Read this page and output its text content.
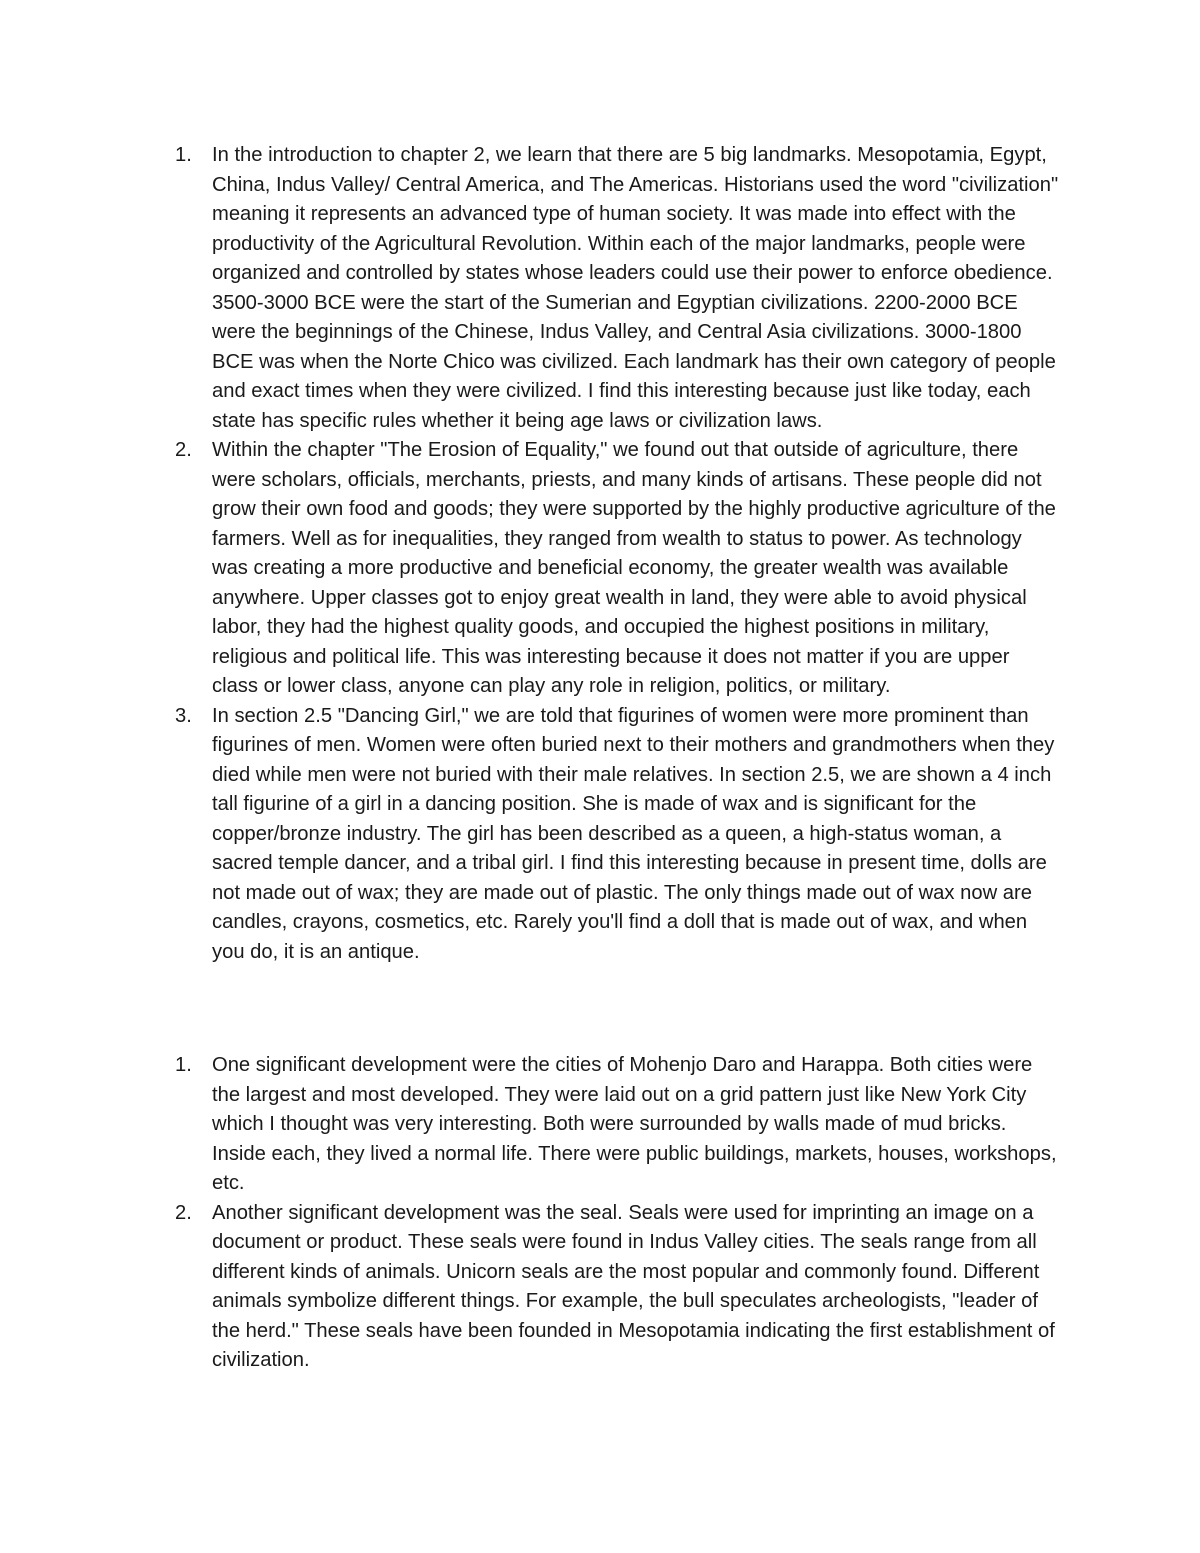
1. In the introduction to chapter 2, we learn that there are 5 big landmarks. Mesopotamia, Egypt, China, Indus Valley/ Central America, and The Americas. Historians used the word "civilization" meaning it represents an advanced type of human society. It was made into effect with the productivity of the Agricultural Revolution. Within each of the major landmarks, people were organized and controlled by states whose leaders could use their power to enforce obedience. 3500-3000 BCE were the start of the Sumerian and Egyptian civilizations. 2200-2000 BCE were the beginnings of the Chinese, Indus Valley, and Central Asia civilizations. 3000-1800 BCE was when the Norte Chico was civilized. Each landmark has their own category of people and exact times when they were civilized. I find this interesting because just like today, each state has specific rules whether it being age laws or civilization laws.
2. Within the chapter "The Erosion of Equality," we found out that outside of agriculture, there were scholars, officials, merchants, priests, and many kinds of artisans. These people did not grow their own food and goods; they were supported by the highly productive agriculture of the farmers. Well as for inequalities, they ranged from wealth to status to power. As technology was creating a more productive and beneficial economy, the greater wealth was available anywhere. Upper classes got to enjoy great wealth in land, they were able to avoid physical labor, they had the highest quality goods, and occupied the highest positions in military, religious and political life. This was interesting because it does not matter if you are upper class or lower class, anyone can play any role in religion, politics, or military.
3. In section 2.5 "Dancing Girl," we are told that figurines of women were more prominent than figurines of men. Women were often buried next to their mothers and grandmothers when they died while men were not buried with their male relatives. In section 2.5, we are shown a 4 inch tall figurine of a girl in a dancing position. She is made of wax and is significant for the copper/bronze industry. The girl has been described as a queen, a high-status woman, a sacred temple dancer, and a tribal girl. I find this interesting because in present time, dolls are not made out of wax; they are made out of plastic. The only things made out of wax now are candles, crayons, cosmetics, etc. Rarely you'll find a doll that is made out of wax, and when you do, it is an antique.
1. One significant development were the cities of Mohenjo Daro and Harappa. Both cities were the largest and most developed. They were laid out on a grid pattern just like New York City which I thought was very interesting. Both were surrounded by walls made of mud bricks. Inside each, they lived a normal life. There were public buildings, markets, houses, workshops, etc.
2. Another significant development was the seal. Seals were used for imprinting an image on a document or product. These seals were found in Indus Valley cities. The seals range from all different kinds of animals. Unicorn seals are the most popular and commonly found. Different animals symbolize different things. For example, the bull speculates archeologists, "leader of the herd." These seals have been founded in Mesopotamia indicating the first establishment of civilization.
